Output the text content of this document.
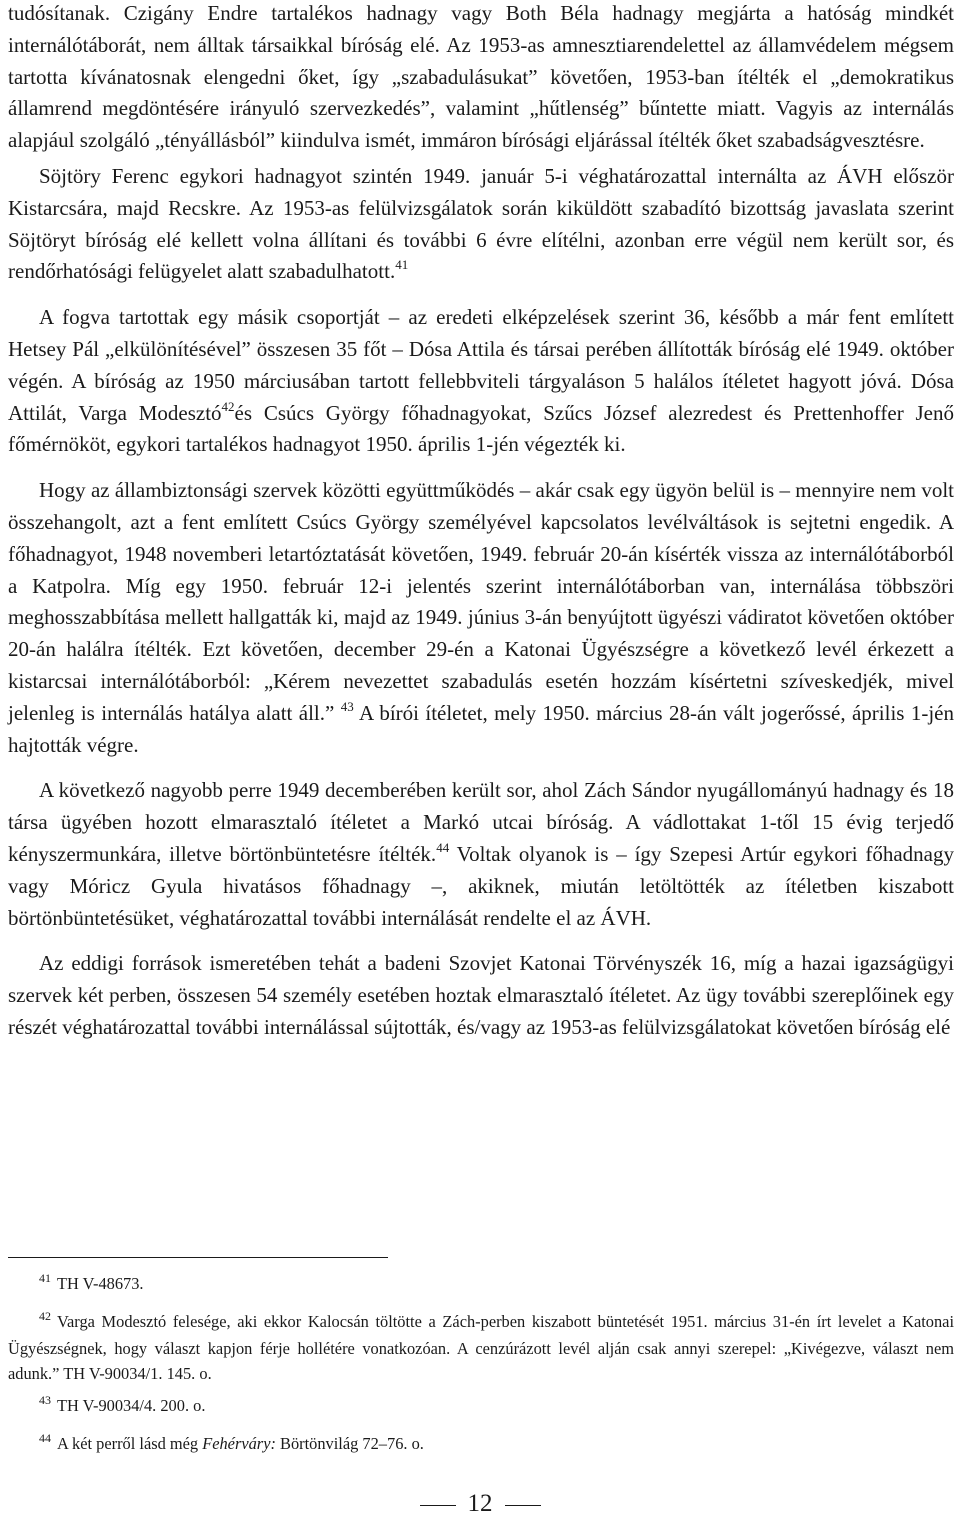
tudósítanak. Czigány Endre tartalékos hadnagy vagy Both Béla hadnagy megjárta a hatóság mindkét internálótáborát, nem álltak társaikkal bíróság elé. Az 1953-as amnesztiarendelettel az államvédelem mégsem tartotta kívánatosnak elengedni őket, így „szabadulásukat” követően, 1953-ban ítélték el „demokratikus államrend megdöntésére irányuló szervezkedés”, valamint „hűtlenség” bűntette miatt. Vagyis az internálás alapjául szolgáló „tényállásból” kiindulva ismét, immáron bírósági eljárással ítélték őket szabadságvesztésre.

Söjtöry Ferenc egykori hadnagyot szintén 1949. január 5-i véghatározattal internálta az ÁVH először Kistarcsára, majd Recskre. Az 1953-as felülvizsgálatok során kiküldött szabadító bizottság javaslata szerint Söjtöryt bíróság elé kellett volna állítani és további 6 évre elítélni, azonban erre végül nem került sor, és rendőrhatósági felügyelet alatt szabadulhatott.$^{41}$

A fogva tartottak egy másik csoportját – az eredeti elképzelések szerint 36, később a már fent említett Hetsey Pál „elkülönítésével” összesen 35 főt – Dósa Attila és társai perében állították bíróság elé 1949. október végén. A bíróság az 1950 márciusában tartott fellebbviteli tárgyaláson 5 halálos ítéletet hagyott jóvá. Dósa Attilát, Varga Modesztó$^{42}$és Csúcs György főhadnagyokat, Szűcs József alezredest és Prettenhoffer Jenő főmérnököt, egykori tartalékos hadnagyot 1950. április 1-jén végezték ki.

Hogy az állambiztonsági szervek közötti együttműködés – akár csak egy ügyön belül is – mennyire nem volt összehangolt, azt a fent említett Csúcs György személyével kapcsolatos levélváltások is sejtetni engedik. A főhadnagyot, 1948 novemberi letartóztatását követően, 1949. február 20-án kísérték vissza az internálótáborból a Katpolra. Míg egy 1950. február 12-i jelentés szerint internálótáborban van, internálása többszöri meghosszabbítása mellett hallgatták ki, majd az 1949. június 3-án benyújtott ügyészi vádiratot követően október 20-án halálra ítélték. Ezt követően, december 29-én a Katonai Ügyészségre a következő levél érkezett a kistarcsai internálótáborból: „Kérem nevezettet szabadulás esetén hozzám kísértetni szíveskedjék, mivel jelenleg is internálás hatálya alatt áll.” $^{43}$ A bírói ítéletet, mely 1950. március 28-án vált jogerőssé, április 1-jén hajtották végre.

A következő nagyobb perre 1949 decemberében került sor, ahol Zách Sándor nyugállományú hadnagy és 18 társa ügyében hozott elmarasztaló ítéletet a Markó utcai bíróság. A vádlottakat 1-től 15 évig terjedő kényszermunkára, illetve börtönbüntetésre ítélték.$^{44}$ Voltak olyanok is – így Szepesi Artúr egykori főhadnagy vagy Móricz Gyula hivatásos főhadnagy –, akiknek, miután letöltötték az ítéletben kiszabott börtönbüntetésüket, véghatározattal további internálását rendelte el az ÁVH.

Az eddigi források ismeretében tehát a badeni Szovjet Katonai Törvényszék 16, míg a hazai igazságügyi szervek két perben, összesen 54 személy esetében hoztak elmarasztaló ítéletet. Az ügy további szereplőinek egy részét véghatározattal további internálással sújtották, és/vagy az 1953-as felülvizsgálatokat követően bíróság elé

$^{41}$ TH V-48673.

$^{42}$ Varga Modesztó felesége, aki ekkor Kalocsán töltötte a Zách-perben kiszabott büntetését 1951. március 31-én írt levelet a Katonai Ügyészségnek, hogy választ kapjon férje hollétére vonatkozóan. A cenzúrázott levél alján csak annyi szerepel: „Kivégezve, választ nem adunk.” TH V-90034/1. 145. o.

$^{43}$ TH V-90034/4. 200. o.

$^{44}$ A két perről lásd még Fehérváry: Börtönvilág 72–76. o.

12
